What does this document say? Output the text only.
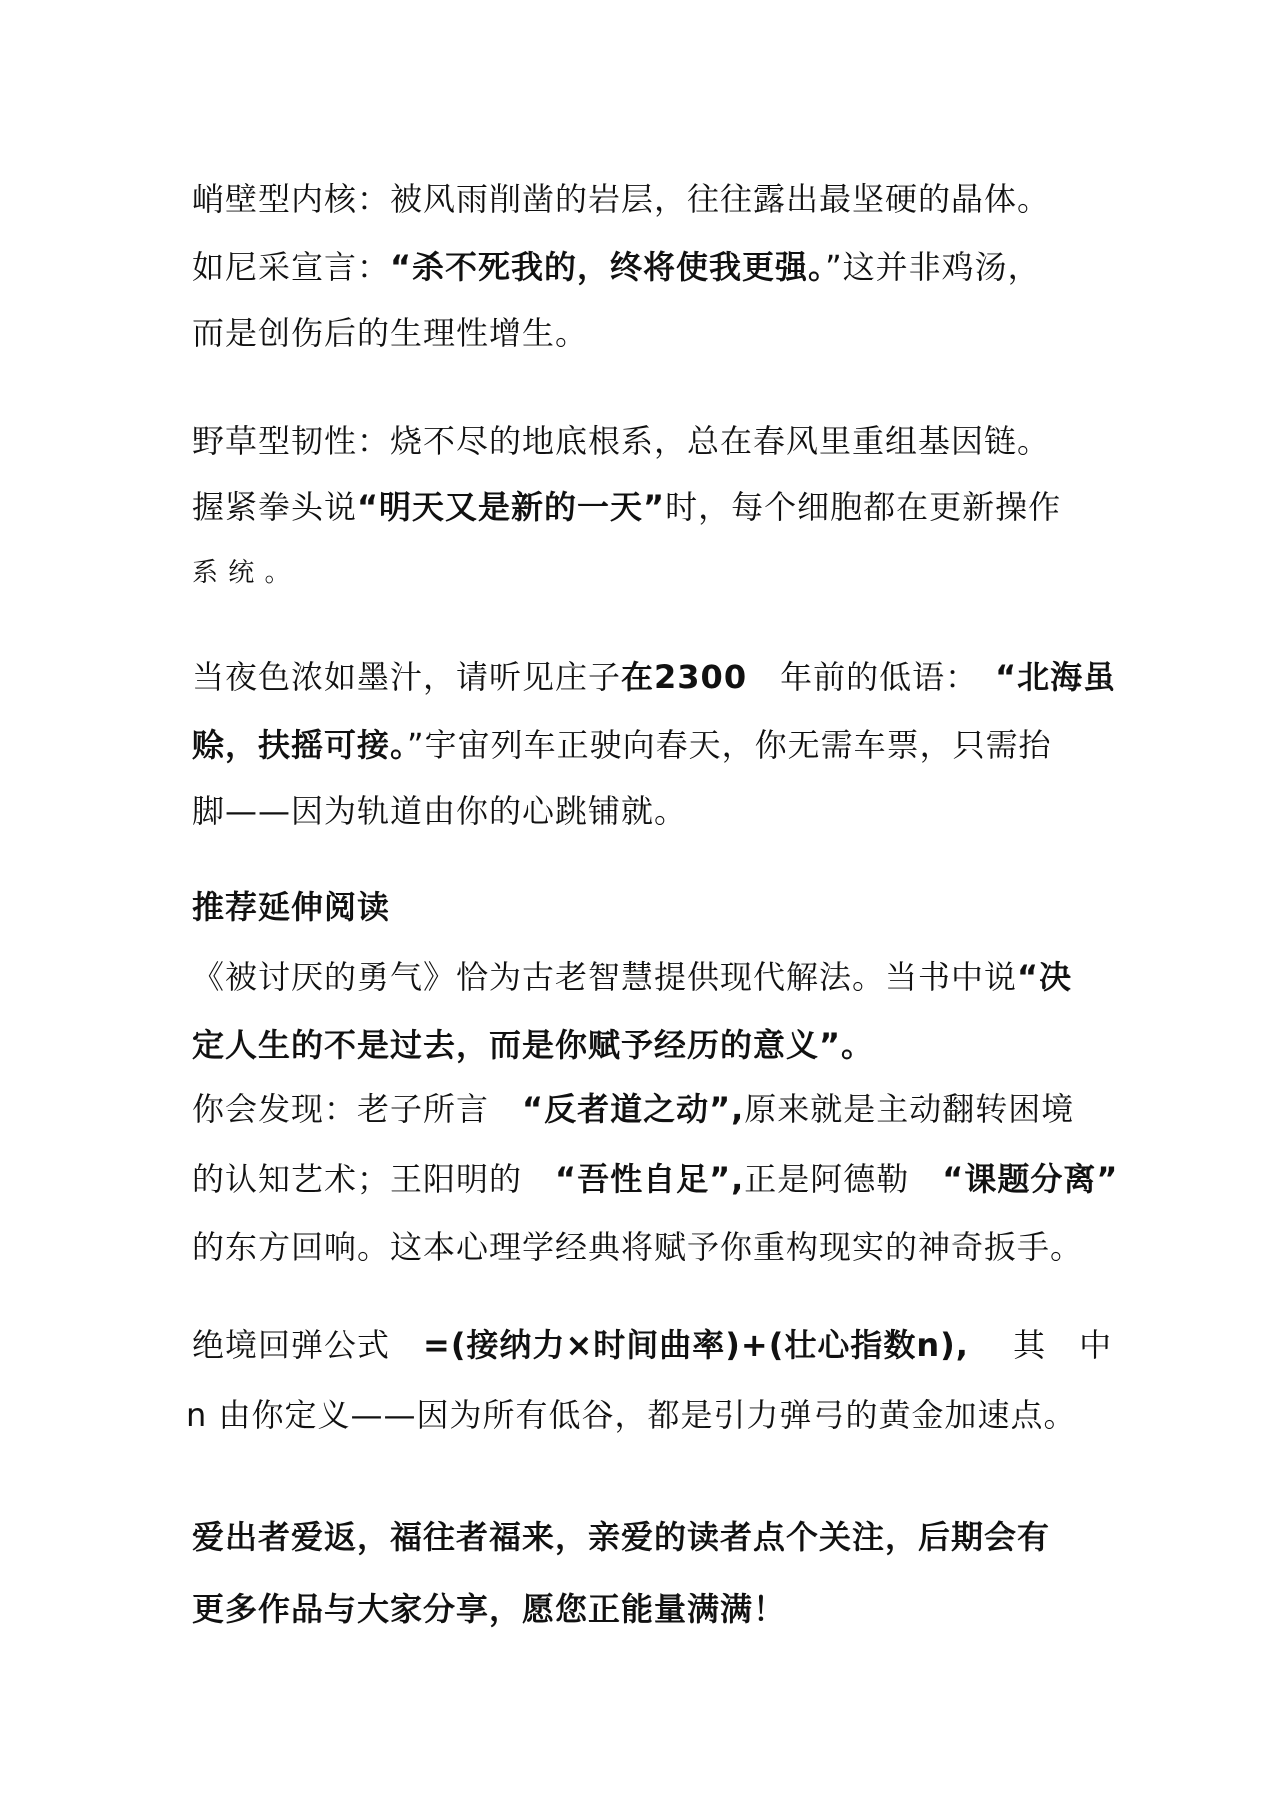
峭壁型内核：被风雨削凿的岩层，往往露出最坚硬的晶体。
如尼采宣言：“杀不死我的，终将使我更强。”这并非鸡汤，
而是创伤后的生理性增生。
野草型韧性：烧不尽的地底根系，总在春风里重组基因链。
握紧拳头说“明天又是新的一天”时，每个细胞都在更新操作
系 统 。
当夜色浓如墨汁，请听见庄子在2300　 年前的低语：　 “北海虽
赊，扶摇可接。”宇宙列车正驶向春天，你无需车票，只需抬
脚——因为轨道由你的心跳铺就。
推荐延伸阅读
《被讨厌的勇气》恰为古老智慧提供现代解法。当书中说“决
定人生的不是过去，而是你赋予经历的意义”。
你会发现：老子所言　 “反者道之动”,原来就是主动翻转困境
的认知艺术；王阳明的　 “吾性自足”,正是阿德勒　 “课题分离”
的东方回响。这本心理学经典将赋予你重构现实的神奇扳手。
绝境回弹公式　 =(接纳力×时间曲率)+(壮心指数n),　 其　中
n 由你定义——因为所有低谷，都是引力弹弓的黄金加速点。
爱出者爱返，福往者福来，亲爱的读者点个关注，后期会有
更多作品与大家分享，愿您正能量满满！
